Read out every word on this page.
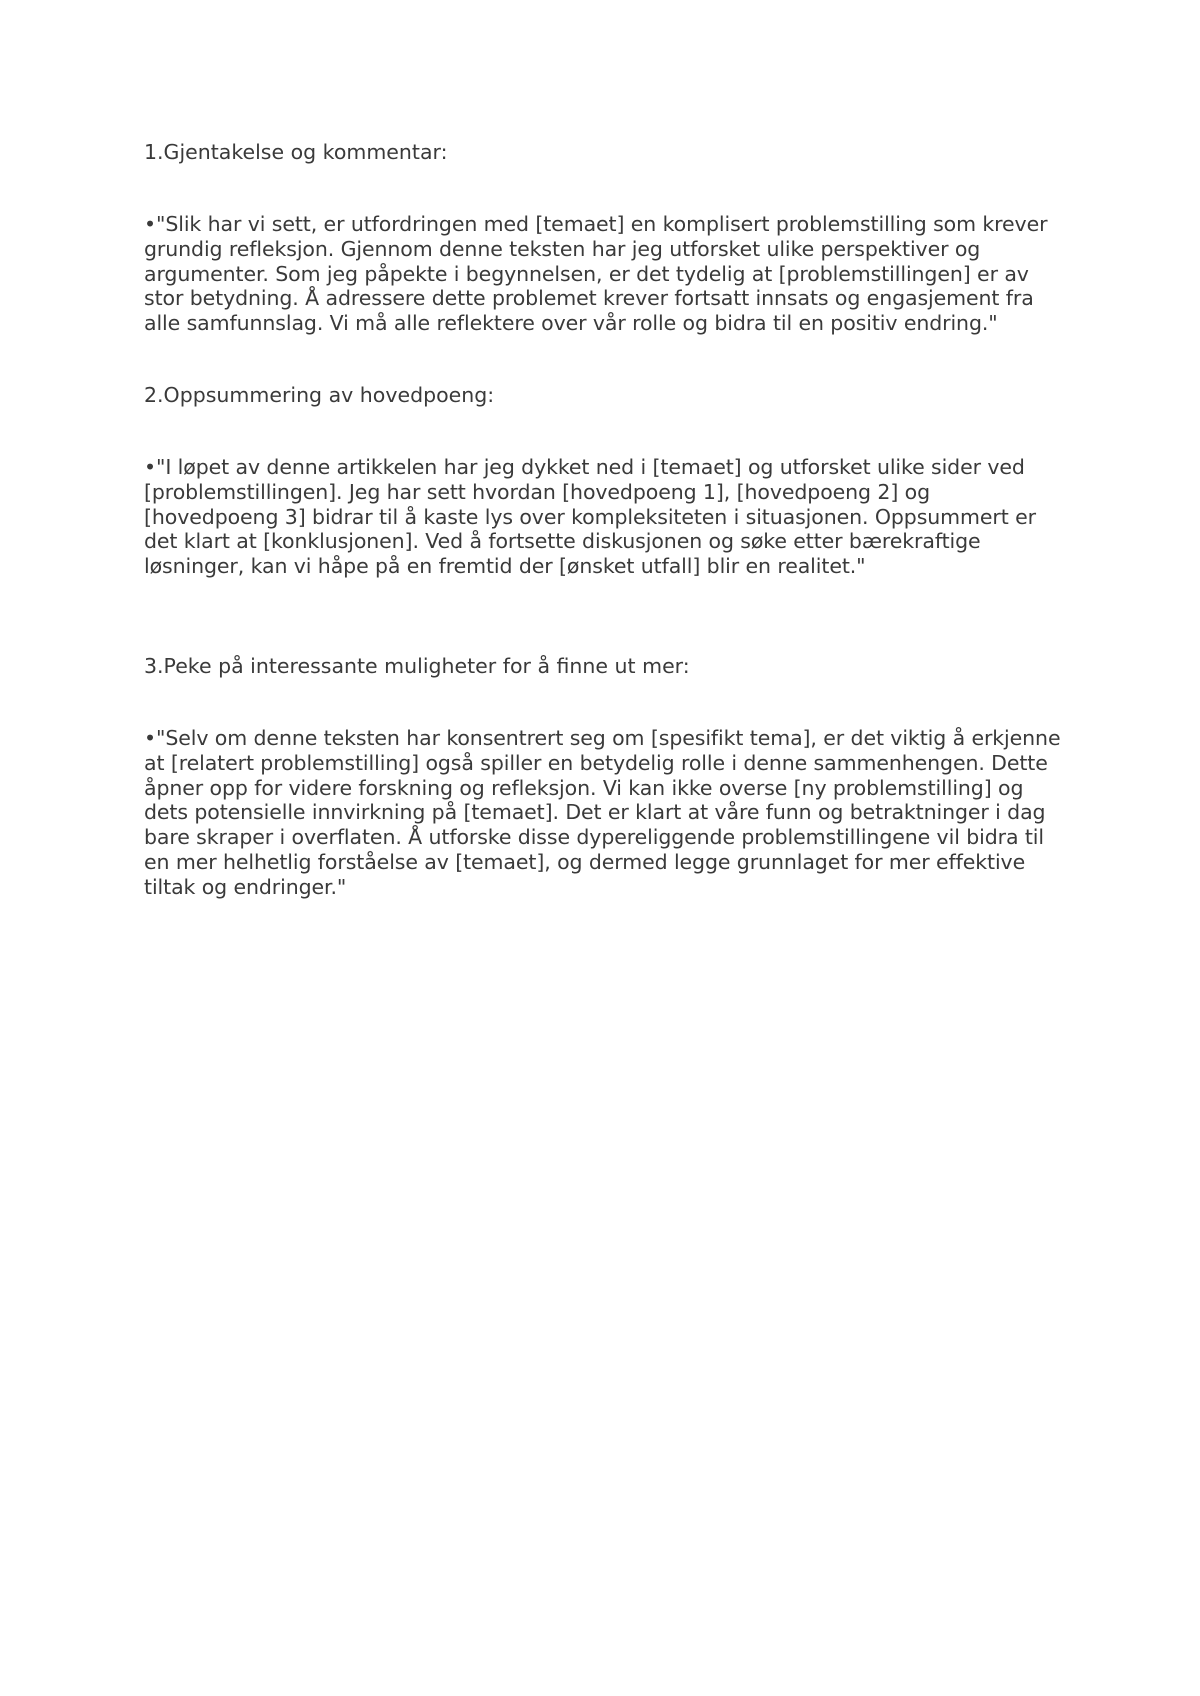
1.Gjentakelse og kommentar:

•"Slik har vi sett, er utfordringen med [temaet] en komplisert problemstilling som krever grundig refleksjon. Gjennom denne teksten har jeg utforsket ulike perspektiver og argumenter. Som jeg påpekte i begynnelsen, er det tydelig at [problemstillingen] er av stor betydning. Å adressere dette problemet krever fortsatt innsats og engasjement fra alle samfunnslag. Vi må alle reflektere over vår rolle og bidra til en positiv endring."

2.Oppsummering av hovedpoeng:

•"I løpet av denne artikkelen har jeg dykket ned i [temaet] og utforsket ulike sider ved [problemstillingen]. Jeg har sett hvordan [hovedpoeng 1], [hovedpoeng 2] og [hovedpoeng 3] bidrar til å kaste lys over kompleksiteten i situasjonen. Oppsummert er det klart at [konklusjonen]. Ved å fortsette diskusjonen og søke etter bærekraftige løsninger, kan vi håpe på en fremtid der [ønsket utfall] blir en realitet."

3.Peke på interessante muligheter for å finne ut mer:

•"Selv om denne teksten har konsentrert seg om [spesifikt tema], er det viktig å erkjenne at [relatert problemstilling] også spiller en betydelig rolle i denne sammenhengen. Dette åpner opp for videre forskning og refleksjon. Vi kan ikke overse [ny problemstilling] og dets potensielle innvirkning på [temaet]. Det er klart at våre funn og betraktninger i dag bare skraper i overflaten. Å utforske disse dypereliggende problemstillingene vil bidra til en mer helhetlig forståelse av [temaet], og dermed legge grunnlaget for mer effektive tiltak og endringer."
